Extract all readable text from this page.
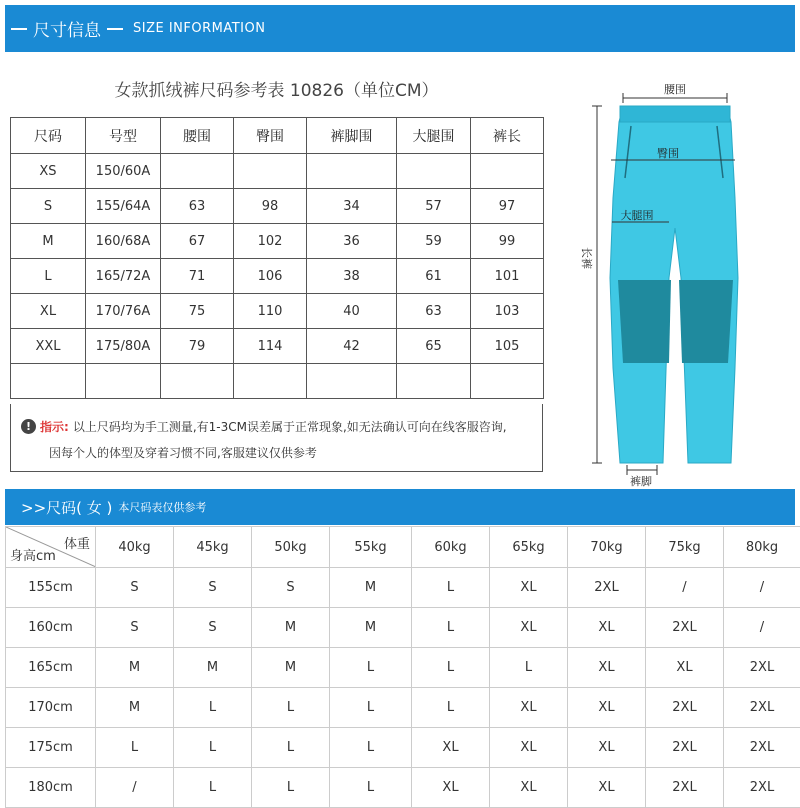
尺寸信息 SIZE INFORMATION
女款抓绒裤尺码参考表 10826（单位CM）
尺码	号型	腰围	臀围	裤脚围	大腿围	裤长
XS	150/60A					
S	155/64A	63	98	34	57	97
M	160/68A	67	102	36	59	99
L	165/72A	71	106	38	61	101
XL	170/76A	75	110	40	63	103
XXL	175/80A	79	114	42	65	105

! 指示: 以上尺码均为手工测量,有1-3CM误差属于正常现象,如无法确认可向在线客服咨询,
因每个人的体型及穿着习惯不同,客服建议仅供参考
腰围
臀围
大腿围
长裤
裤脚
>>尺码( 女 ) 本尺码表仅供参考
体重
身高cm	40kg	45kg	50kg	55kg	60kg	65kg	70kg	75kg	80kg
155cm	S	S	S	M	L	XL	2XL	/	/
160cm	S	S	M	M	L	XL	XL	2XL	/
165cm	M	M	M	L	L	L	XL	XL	2XL
170cm	M	L	L	L	L	XL	XL	2XL	2XL
175cm	L	L	L	L	XL	XL	XL	2XL	2XL
180cm	/	L	L	L	XL	XL	XL	2XL	2XL
